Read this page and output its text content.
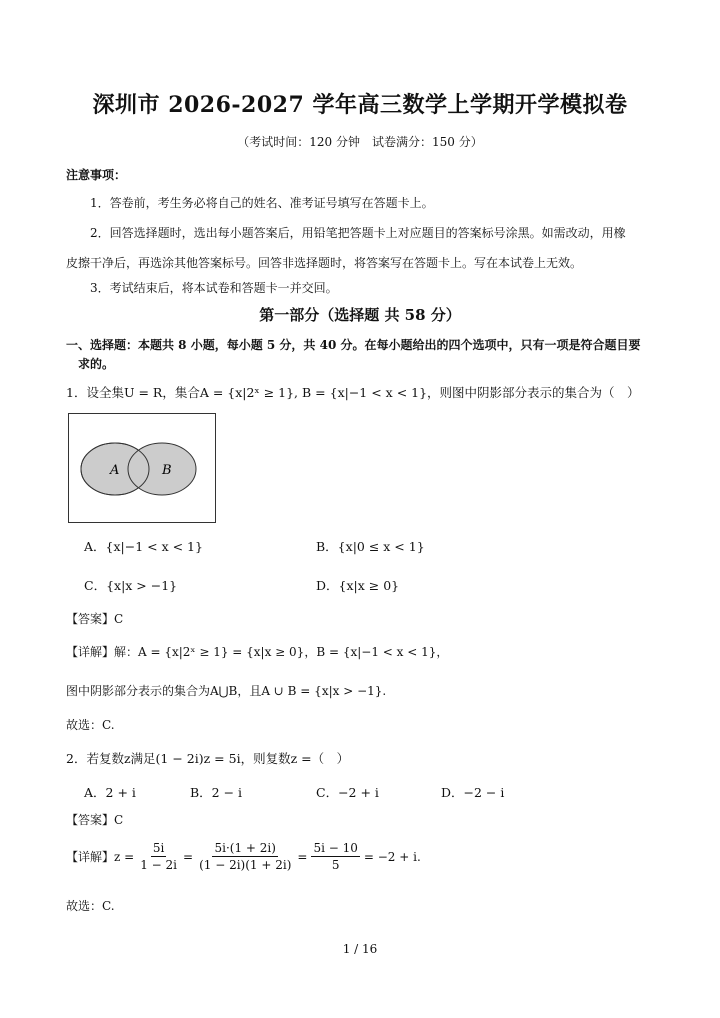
深圳市 2026-2027 学年高三数学上学期开学模拟卷
（考试时间：120 分钟　试卷满分：150 分）
注意事项：
1．答卷前，考生务必将自己的姓名、准考证号填写在答题卡上。
2．回答选择题时，选出每小题答案后，用铅笔把答题卡上对应题目的答案标号涂黑。如需改动，用橡
皮擦干净后，再选涂其他答案标号。回答非选择题时，将答案写在答题卡上。写在本试卷上无效。
3．考试结束后，将本试卷和答题卡一并交回。
第一部分（选择题 共 58 分）
一、选择题：本题共 8 小题，每小题 5 分，共 40 分。在每小题给出的四个选项中，只有一项是符合题目要
求的。
1．设全集U = R，集合A = {x|2ˣ ≥ 1}, B = {x|−1 < x < 1}，则图中阴影部分表示的集合为（　）
A	B
A．{x|−1 < x < 1}	B．{x|0 ≤ x < 1}
C．{x|x > −1}	D．{x|x ≥ 0}
【答案】C
【详解】解：A = {x|2ˣ ≥ 1} = {x|x ≥ 0}，B = {x|−1 < x < 1}，
图中阴影部分表示的集合为A⋃B，且A ∪ B = {x|x > −1}.
故选：C.
2．若复数z满足(1 − 2i)z = 5i，则复数z =（　）
A．2 + i	B．2 − i	C．−2 + i	D．−2 − i
【答案】C
【详解】$z = \frac{5i}{1 - 2i} = \frac{5i\cdot(1 + 2i)}{(1 - 2i)(1 + 2i)} = \frac{5i - 10}{5} = -2 + i$.
故选：C.
1 / 16
